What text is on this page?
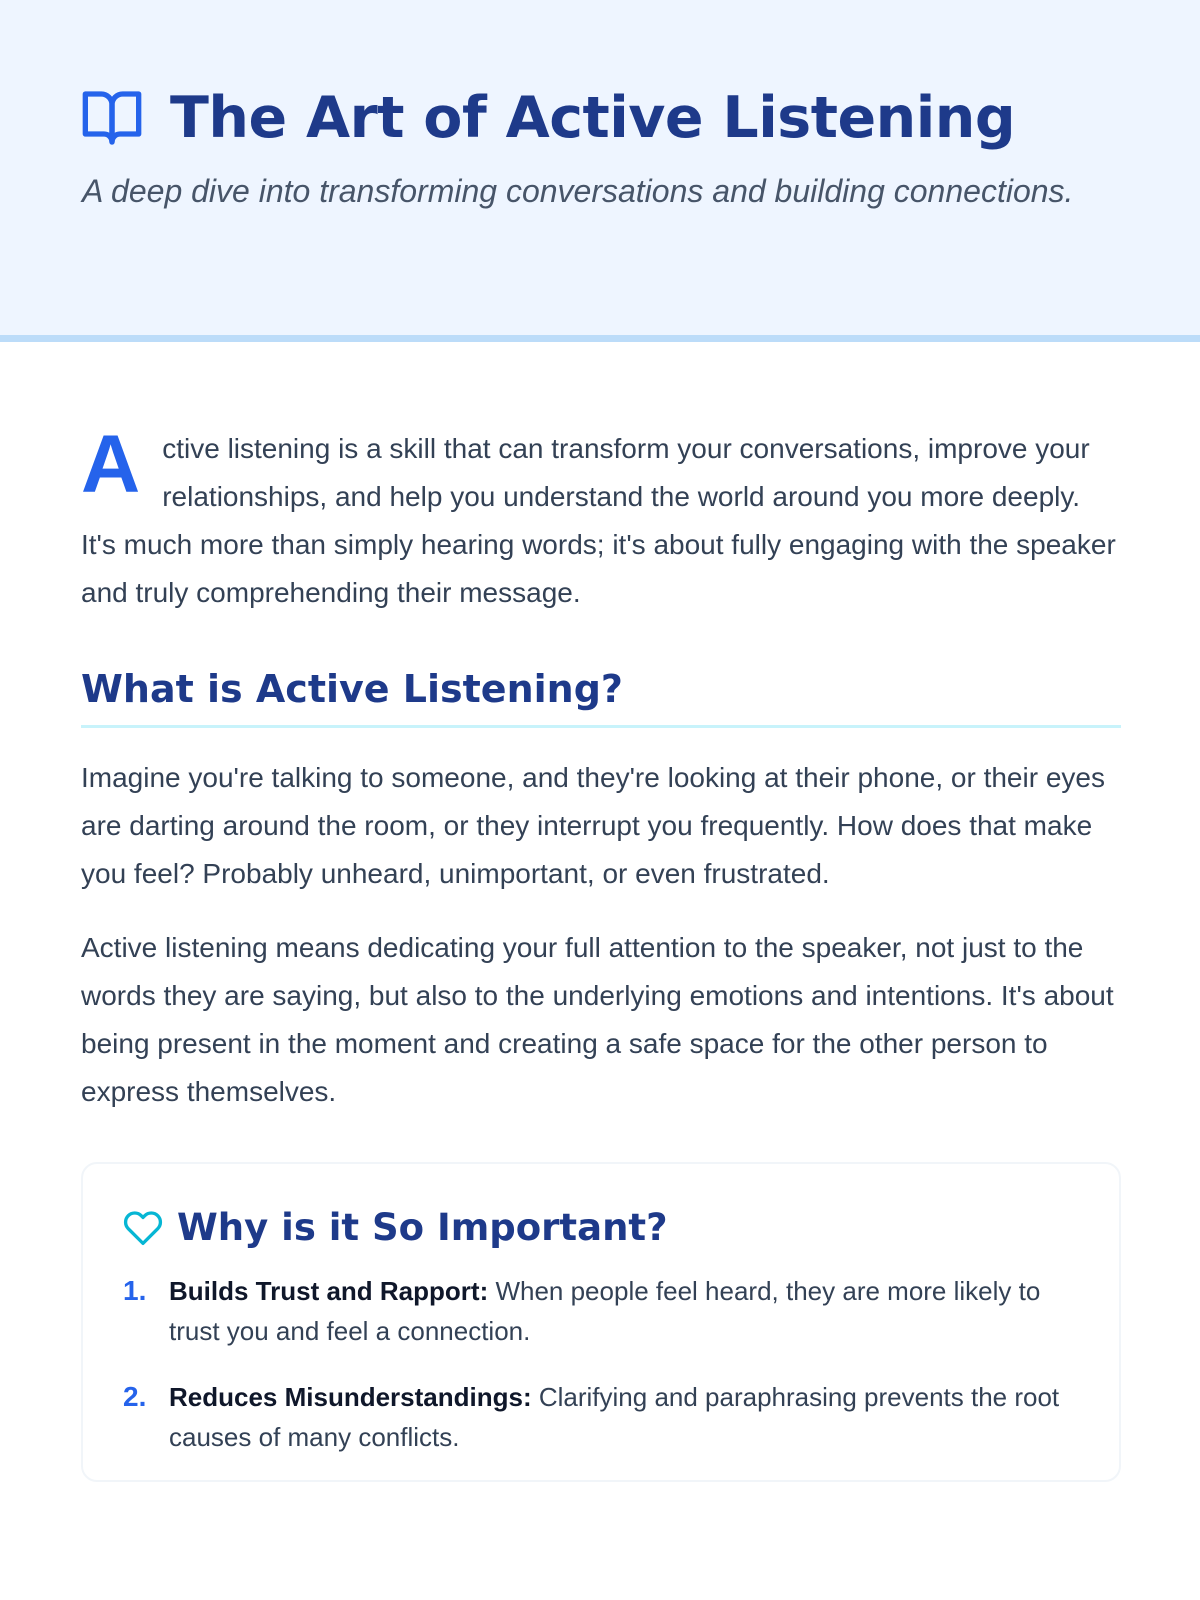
The Art of Active Listening

A deep dive into transforming conversations and building connections.

Active listening is a skill that can transform your conversations, improve your relationships, and help you understand the world around you more deeply. It's much more than simply hearing words; it's about fully engaging with the speaker and truly comprehending their message.

What is Active Listening?

Imagine you're talking to someone, and they're looking at their phone, or their eyes are darting around the room, or they interrupt you frequently. How does that make you feel? Probably unheard, unimportant, or even frustrated.

Active listening means dedicating your full attention to the speaker, not just to the words they are saying, but also to the underlying emotions and intentions. It's about being present in the moment and creating a safe space for the other person to express themselves.

Why is it So Important?
1. Builds Trust and Rapport: When people feel heard, they are more likely to trust you and feel a connection.
2. Reduces Misunderstandings: Clarifying and paraphrasing prevents the root causes of many conflicts.
